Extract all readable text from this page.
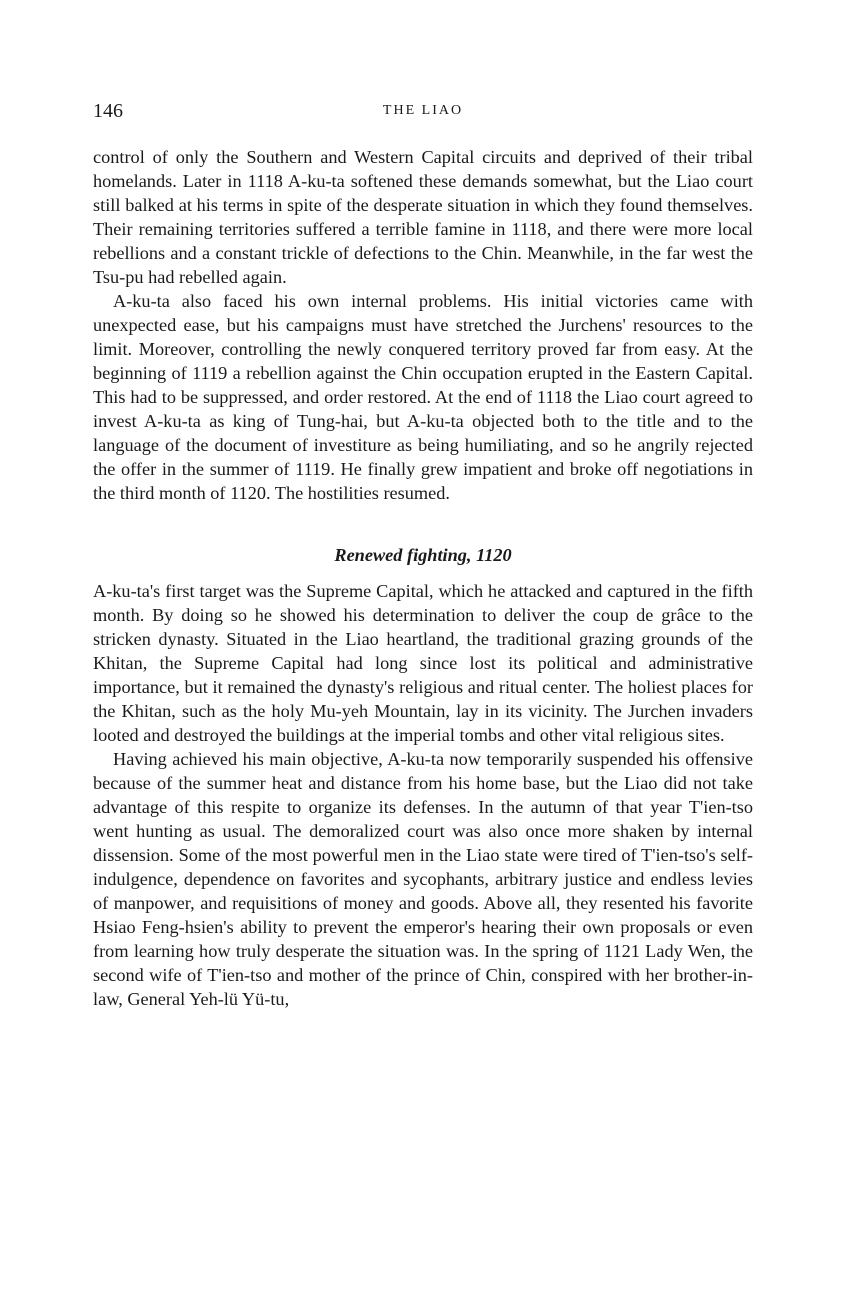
146	THE LIAO

control of only the Southern and Western Capital circuits and deprived of their tribal homelands. Later in 1118 A-ku-ta softened these demands somewhat, but the Liao court still balked at his terms in spite of the desperate situation in which they found themselves. Their remaining territories suffered a terrible famine in 1118, and there were more local rebellions and a constant trickle of defections to the Chin. Meanwhile, in the far west the Tsu-pu had rebelled again.

A-ku-ta also faced his own internal problems. His initial victories came with unexpected ease, but his campaigns must have stretched the Jurchens' resources to the limit. Moreover, controlling the newly conquered territory proved far from easy. At the beginning of 1119 a rebellion against the Chin occupation erupted in the Eastern Capital. This had to be suppressed, and order restored. At the end of 1118 the Liao court agreed to invest A-ku-ta as king of Tung-hai, but A-ku-ta objected both to the title and to the language of the document of investiture as being humiliating, and so he angrily rejected the offer in the summer of 1119. He finally grew impatient and broke off negotiations in the third month of 1120. The hostilities resumed.

Renewed fighting, 1120

A-ku-ta's first target was the Supreme Capital, which he attacked and captured in the fifth month. By doing so he showed his determination to deliver the coup de grâce to the stricken dynasty. Situated in the Liao heartland, the traditional grazing grounds of the Khitan, the Supreme Capital had long since lost its political and administrative importance, but it remained the dynasty's religious and ritual center. The holiest places for the Khitan, such as the holy Mu-yeh Mountain, lay in its vicinity. The Jurchen invaders looted and destroyed the buildings at the imperial tombs and other vital religious sites.

Having achieved his main objective, A-ku-ta now temporarily suspended his offensive because of the summer heat and distance from his home base, but the Liao did not take advantage of this respite to organize its defenses. In the autumn of that year T'ien-tso went hunting as usual. The demoralized court was also once more shaken by internal dissension. Some of the most powerful men in the Liao state were tired of T'ien-tso's self-indulgence, dependence on favorites and sycophants, arbitrary justice and endless levies of manpower, and requisitions of money and goods. Above all, they resented his favorite Hsiao Feng-hsien's ability to prevent the emperor's hearing their own proposals or even from learning how truly desperate the situation was. In the spring of 1121 Lady Wen, the second wife of T'ien-tso and mother of the prince of Chin, conspired with her brother-in-law, General Yeh-lü Yü-tu,
